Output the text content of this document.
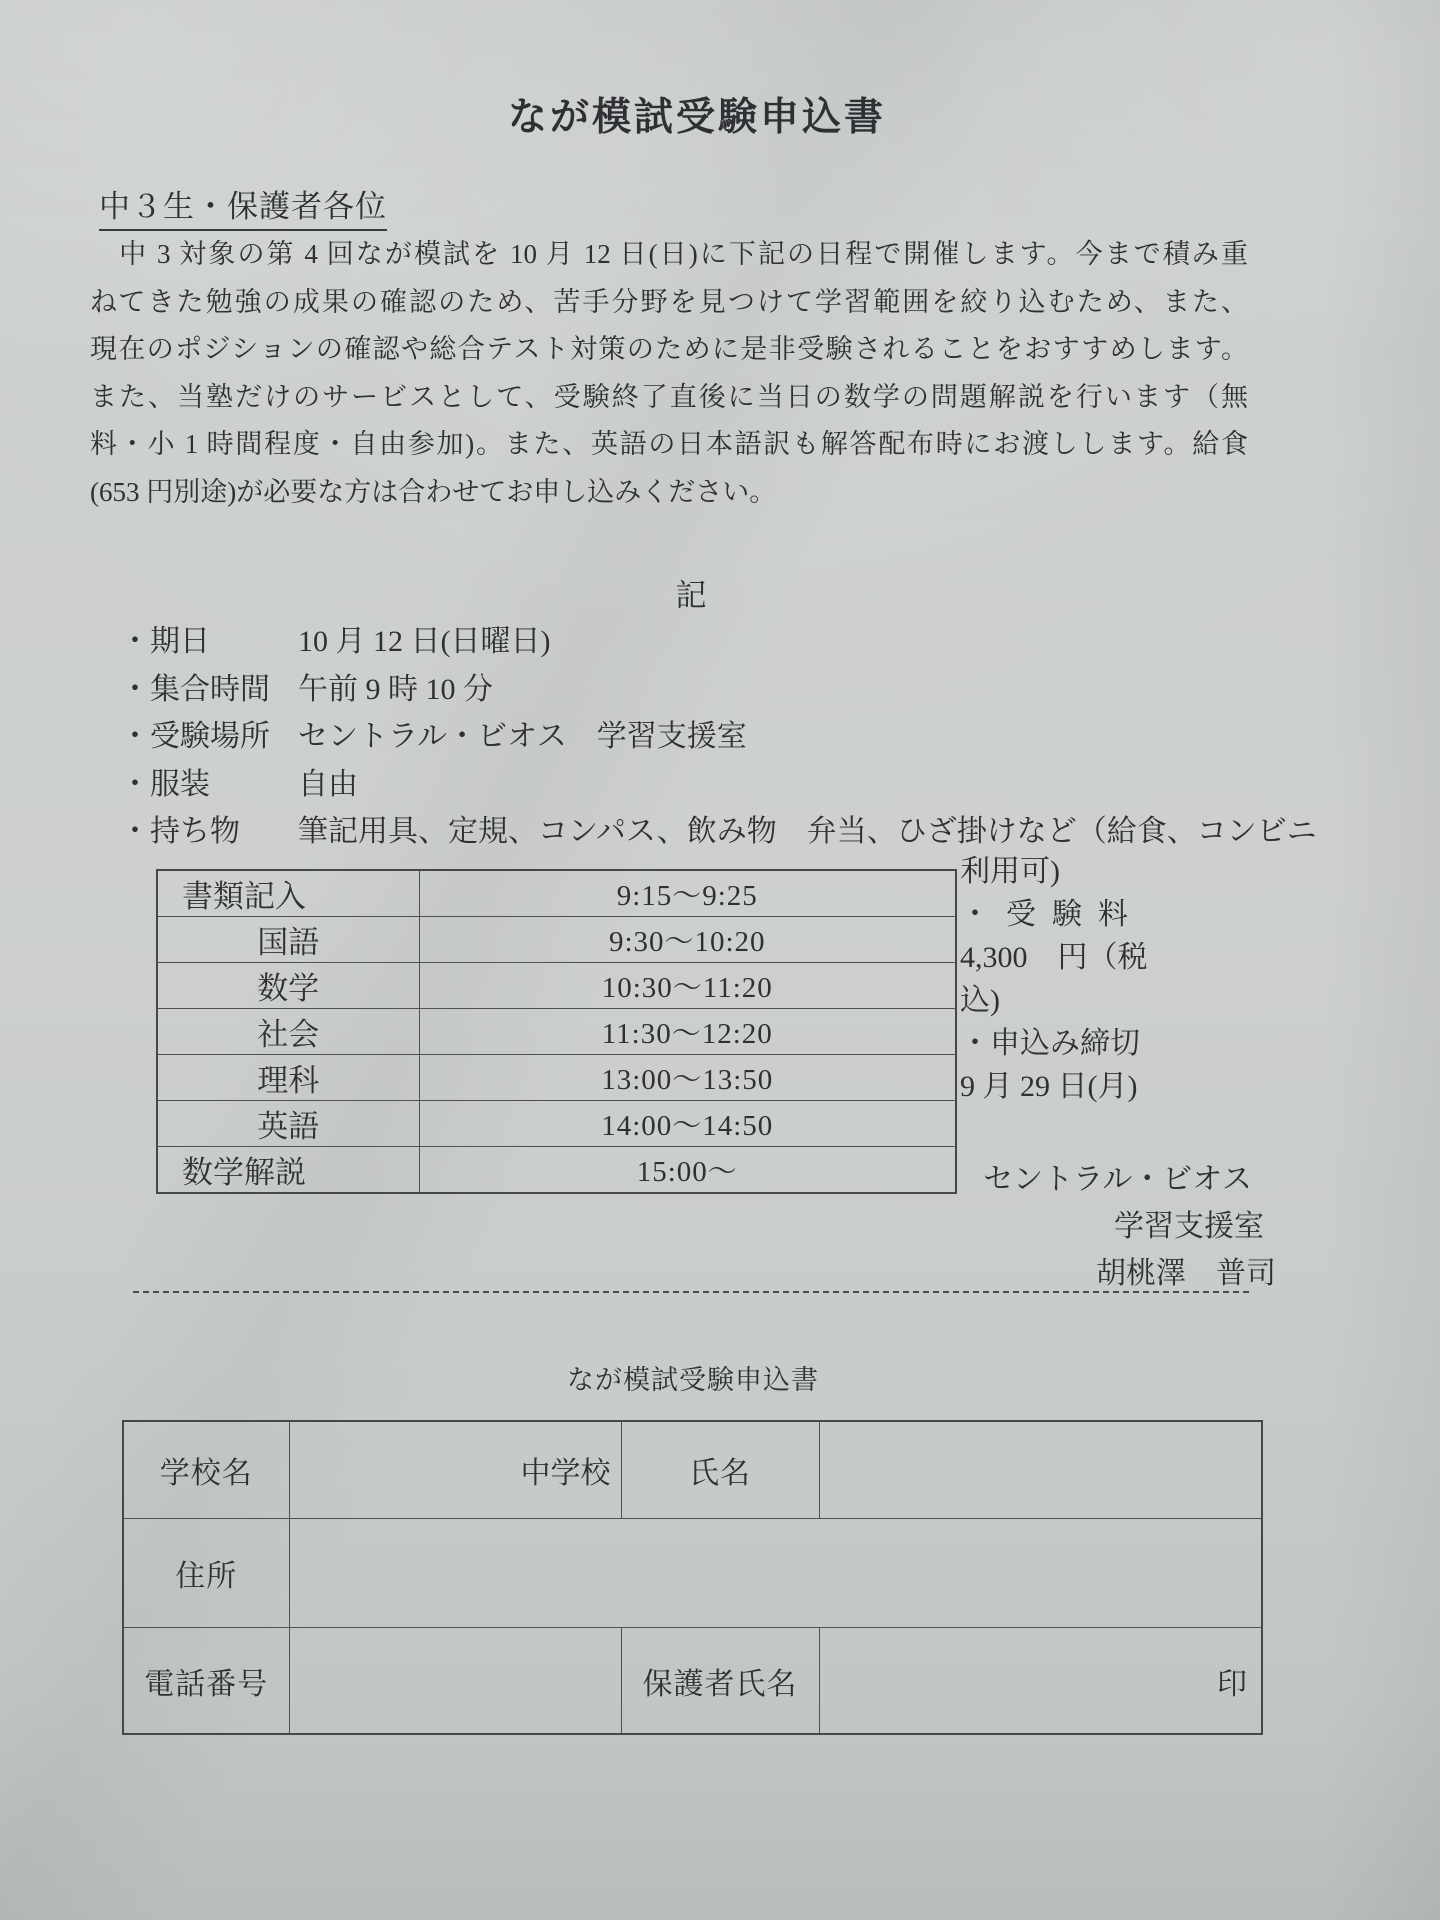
なが模試受験申込書
中３生・保護者各位
　中 3 対象の第 4 回なが模試を 10 月 12 日(日)に下記の日程で開催します。今まで積み重
ねてきた勉強の成果の確認のため、苦手分野を見つけて学習範囲を絞り込むため、また、
現在のポジションの確認や総合テスト対策のために是非受験されることをおすすめします。
また、当塾だけのサービスとして、受験終了直後に当日の数学の問題解説を行います（無
料・小 1 時間程度・自由参加)。また、英語の日本語訳も解答配布時にお渡しします。給食
(653 円別途)が必要な方は合わせてお申し込みください。
記
・ 期日	10 月 12 日(日曜日)
・ 集合時間 午前 9 時 10 分
・ 受験場所 セントラル・ビオス　学習支援室
・ 服装	自由
・ 持ち物	筆記用具、定規、コンパス、飲み物　弁当、ひざ掛けなど（給食、コンビニ
書類記入	9:15～9:25
国語	9:30～10:20
数学	10:30～11:20
社会	11:30～12:20
理科	13:00～13:50
英語	14:00～14:50
数学解説	15:00～
利用可)
・受験料
4,300　円（税
込)
・申込み締切
9 月 29 日(月)
セントラル・ビオス
学習支援室
胡桃澤　普司
なが模試受験申込書
学校名	中学校	氏名	
住所			
電話番号		保護者氏名	印
